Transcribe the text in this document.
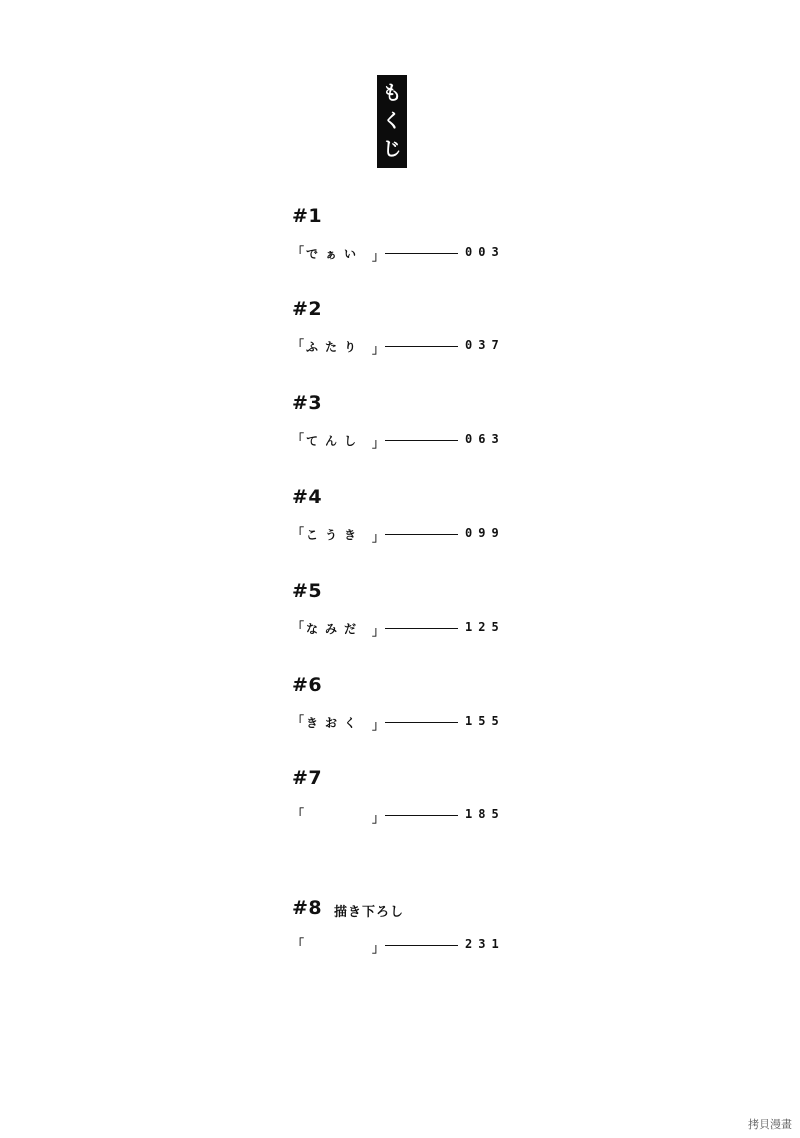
も
く
じ
#1
「 でぁい 」	003
#2
「 ふたり 」	037
#3
「 てんし 」	063
#4
「 こうき 」	099
#5
「 なみだ 」	125
#6
「 きおく 」	155
#7
「	」	185
#8 描き下ろし
「	」	231
拷貝漫畫
